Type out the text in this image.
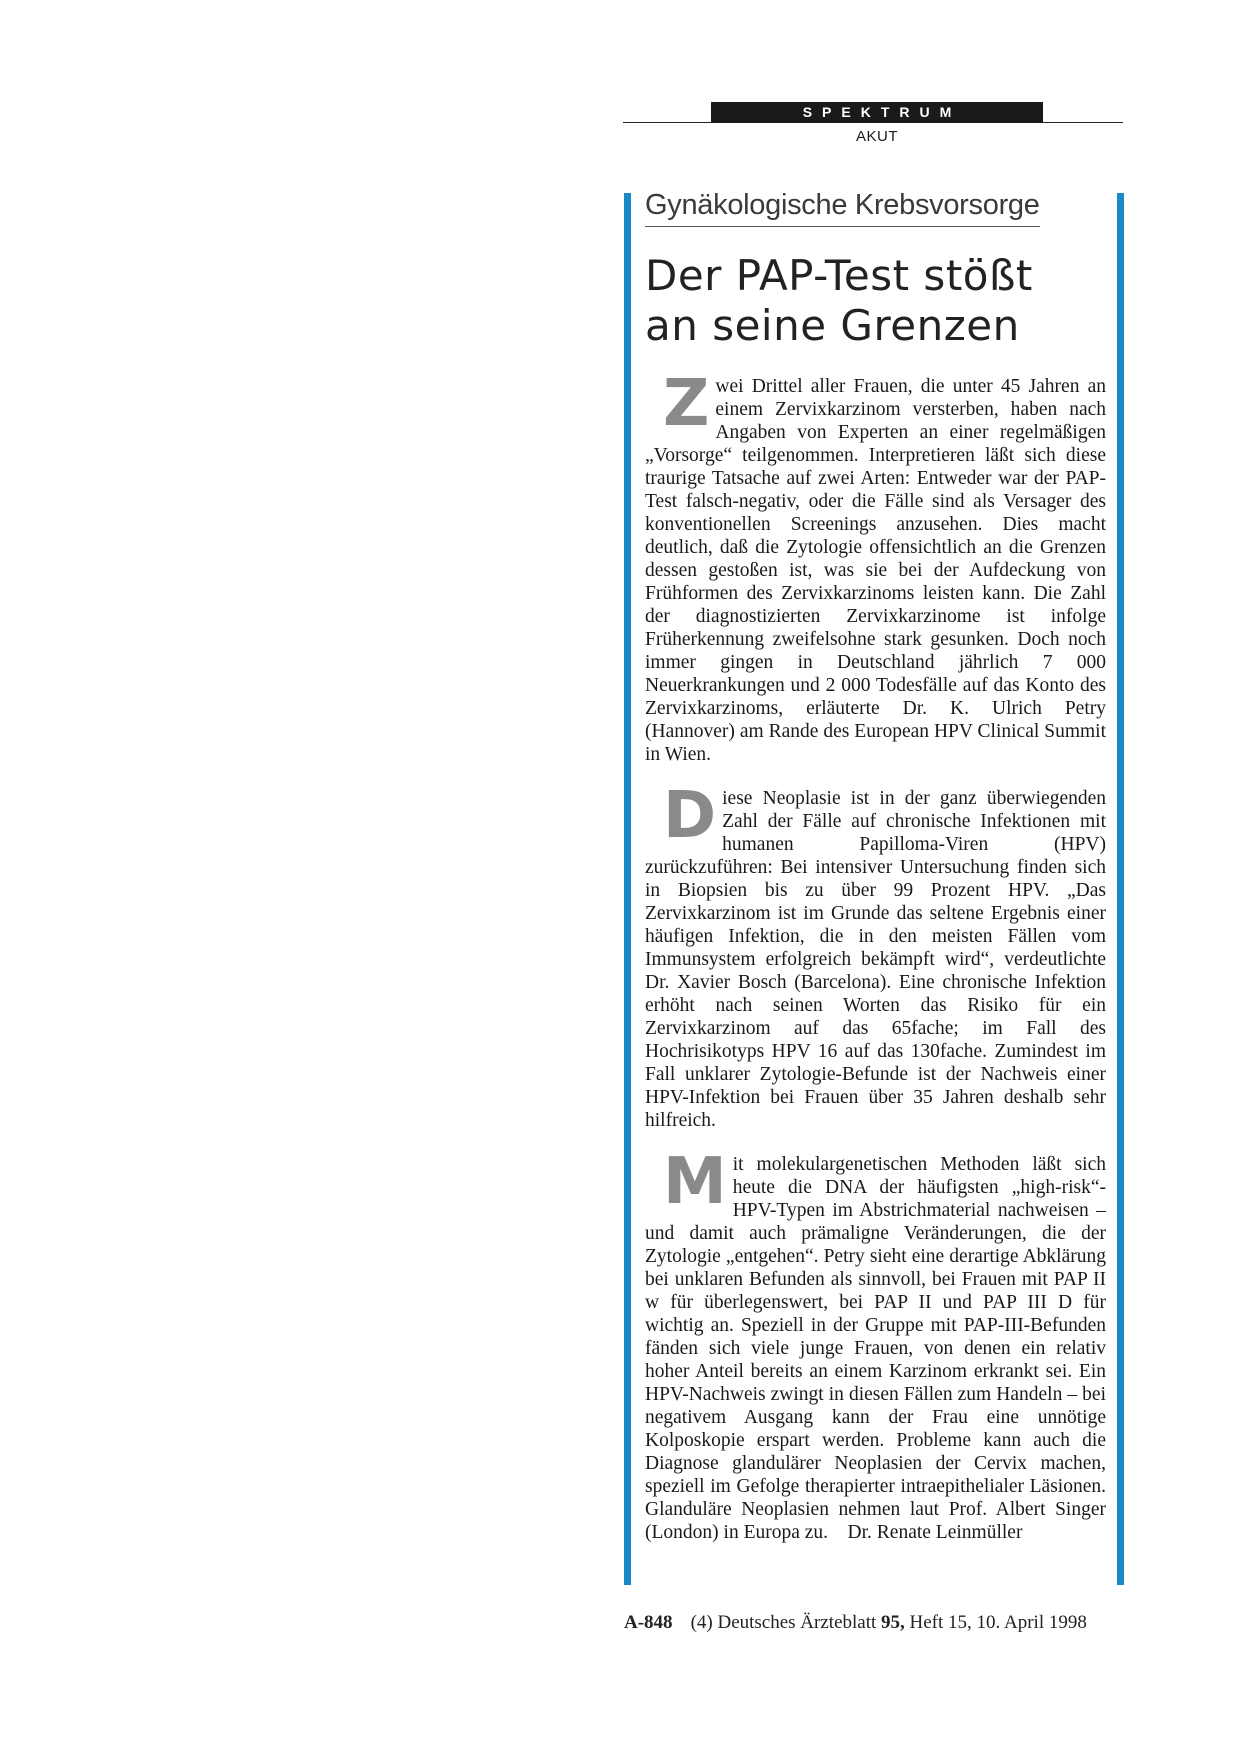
SPEKTRUM
AKUT
Gynäkologische Krebsvorsorge
Der PAP-Test stößt
an seine Grenzen

Zwei Drittel aller Frauen, die unter 45 Jahren an einem Zervixkarzinom versterben, haben nach Angaben von Experten an einer regelmäßigen „Vorsorge“ teilgenommen. Interpretieren läßt sich diese traurige Tatsache auf zwei Arten: Entweder war der PAP-Test falsch-negativ, oder die Fälle sind als Versager des konventionellen Screenings anzusehen. Dies macht deutlich, daß die Zytologie offensichtlich an die Grenzen dessen gestoßen ist, was sie bei der Aufdeckung von Frühformen des Zervixkarzinoms leisten kann. Die Zahl der diagnostizierten Zervixkarzinome ist infolge Früherkennung zweifelsohne stark gesunken. Doch noch immer gingen in Deutschland jährlich 7 000 Neuerkrankungen und 2 000 Todesfälle auf das Konto des Zervixkarzinoms, erläuterte Dr. K. Ulrich Petry (Hannover) am Rande des European HPV Clinical Summit in Wien.

Diese Neoplasie ist in der ganz überwiegenden Zahl der Fälle auf chronische Infektionen mit humanen Papilloma-Viren (HPV) zurückzuführen: Bei intensiver Untersuchung finden sich in Biopsien bis zu über 99 Prozent HPV. „Das Zervixkarzinom ist im Grunde das seltene Ergebnis einer häufigen Infektion, die in den meisten Fällen vom Immunsystem erfolgreich bekämpft wird“, verdeutlichte Dr. Xavier Bosch (Barcelona). Eine chronische Infektion erhöht nach seinen Worten das Risiko für ein Zervixkarzinom auf das 65fache; im Fall des Hochrisikotyps HPV 16 auf das 130fache. Zumindest im Fall unklarer Zytologie-Befunde ist der Nachweis einer HPV-Infektion bei Frauen über 35 Jahren deshalb sehr hilfreich.

Mit molekulargenetischen Methoden läßt sich heute die DNA der häufigsten „high-risk“-HPV-Typen im Abstrichmaterial nachweisen – und damit auch prämaligne Veränderungen, die der Zytologie „entgehen“. Petry sieht eine derartige Abklärung bei unklaren Befunden als sinnvoll, bei Frauen mit PAP II w für überlegenswert, bei PAP II und PAP III D für wichtig an. Speziell in der Gruppe mit PAP-III-Befunden fänden sich viele junge Frauen, von denen ein relativ hoher Anteil bereits an einem Karzinom erkrankt sei. Ein HPV-Nachweis zwingt in diesen Fällen zum Handeln – bei negativem Ausgang kann der Frau eine unnötige Kolposkopie erspart werden. Probleme kann auch die Diagnose glandulärer Neoplasien der Cervix machen, speziell im Gefolge therapierter intraepithelialer Läsionen. Glanduläre Neoplasien nehmen laut Prof. Albert Singer (London) in Europa zu. Dr. Renate Leinmüller

A-848 (4) Deutsches Ärzteblatt 95, Heft 15, 10. April 1998
